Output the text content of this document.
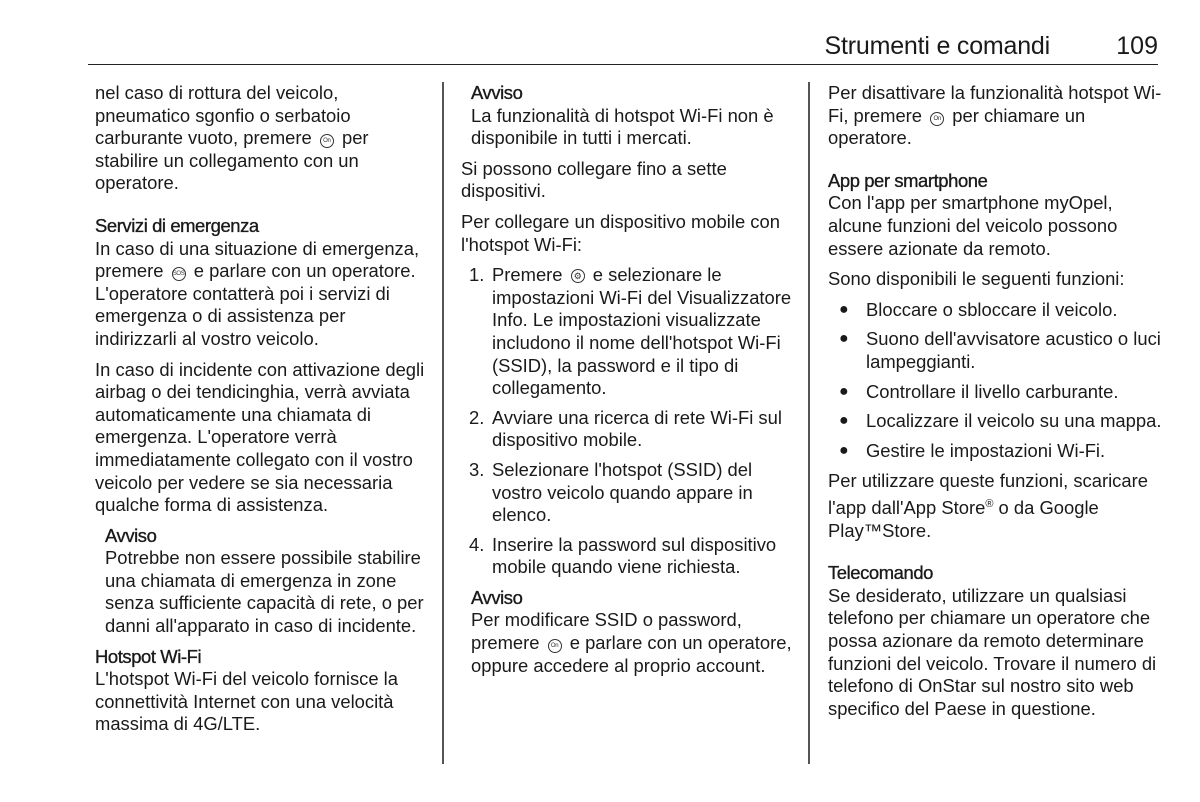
Strumenti e comandi	109

nel caso di rottura del veicolo, pneumatico sgonfio o serbatoio carburante vuoto, premere On per stabilire un collegamento con un operatore.

Servizi di emergenza

In caso di una situazione di emergenza, premere SOS e parlare con un operatore. L'operatore contatterà poi i servizi di emergenza o di assistenza per indirizzarli al vostro veicolo.

In caso di incidente con attivazione degli airbag o dei tendicinghia, verrà avviata automaticamente una chiamata di emergenza. L'operatore verrà immediatamente collegato con il vostro veicolo per vedere se sia necessaria qualche forma di assistenza.

Avviso
Potrebbe non essere possibile stabilire una chiamata di emergenza in zone senza sufficiente capacità di rete, o per danni all'apparato in caso di incidente.
Hotspot Wi-Fi

L'hotspot Wi-Fi del veicolo fornisce la connettività Internet con una velocità massima di 4G/LTE.

Avviso
La funzionalità di hotspot Wi-Fi non è disponibile in tutti i mercati.

Si possono collegare fino a sette dispositivi.

Per collegare un dispositivo mobile con l'hotspot Wi-Fi:

1. Premere ⚙ e selezionare le impostazioni Wi-Fi del Visualizzatore Info. Le impostazioni visualizzate includono il nome dell'hotspot Wi-Fi (SSID), la password e il tipo di collegamento.
2. Avviare una ricerca di rete Wi-Fi sul dispositivo mobile.
3. Selezionare l'hotspot (SSID) del vostro veicolo quando appare in elenco.
4. Inserire la password sul dispositivo mobile quando viene richiesta.
Avviso
Per modificare SSID o password, premere On e parlare con un operatore, oppure accedere al proprio account.

Per disattivare la funzionalità hotspot Wi-Fi, premere On per chiamare un operatore.

App per smartphone

Con l'app per smartphone myOpel, alcune funzioni del veicolo possono essere azionate da remoto.

Sono disponibili le seguenti funzioni:

● Bloccare o sbloccare il veicolo.
● Suono dell'avvisatore acustico o luci lampeggianti.
● Controllare il livello carburante.
● Localizzare il veicolo su una mappa.
● Gestire le impostazioni Wi-Fi.

Per utilizzare queste funzioni, scaricare l'app dall'App Store® o da Google Play™Store.

Telecomando

Se desiderato, utilizzare un qualsiasi telefono per chiamare un operatore che possa azionare da remoto determinare funzioni del veicolo. Trovare il numero di telefono di OnStar sul nostro sito web specifico del Paese in questione.
